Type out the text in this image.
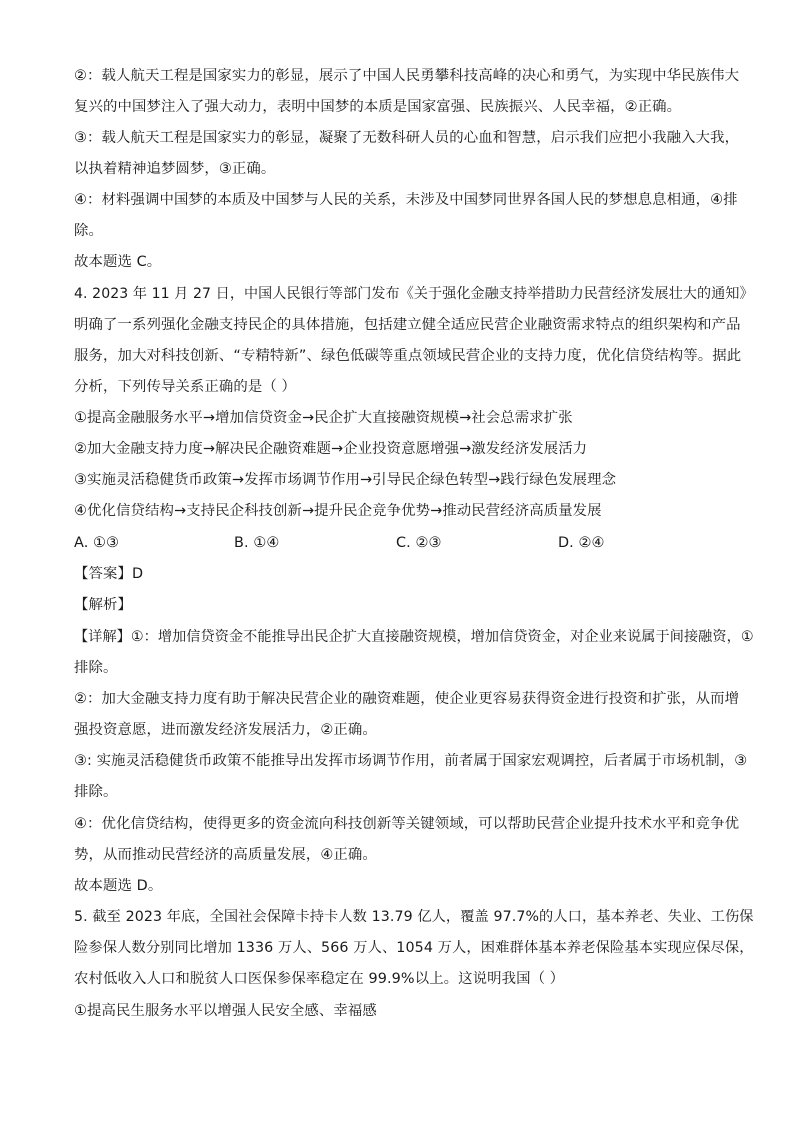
②：载人航天工程是国家实力的彰显，展示了中国人民勇攀科技高峰的决心和勇气，为实现中华民族伟大
复兴的中国梦注入了强大动力，表明中国梦的本质是国家富强、民族振兴、人民幸福，②正确。
③：载人航天工程是国家实力的彰显，凝聚了无数科研人员的心血和智慧，启示我们应把小我融入大我，
以执着精神追梦圆梦，③正确。
④：材料强调中国梦的本质及中国梦与人民的关系，未涉及中国梦同世界各国人民的梦想息息相通，④排
除。
故本题选 C。
4. 2023 年 11 月 27 日，中国人民银行等部门发布《关于强化金融支持举措助力民营经济发展壮大的通知》
明确了一系列强化金融支持民企的具体措施，包括建立健全适应民营企业融资需求特点的组织架构和产品
服务，加大对科技创新、“专精特新”、绿色低碳等重点领域民营企业的支持力度，优化信贷结构等。据此
分析，下列传导关系正确的是（ ）
①提高金融服务水平→增加信贷资金→民企扩大直接融资规模→社会总需求扩张
②加大金融支持力度→解决民企融资难题→企业投资意愿增强→激发经济发展活力
③实施灵活稳健货币政策→发挥市场调节作用→引导民企绿色转型→践行绿色发展理念
④优化信贷结构→支持民企科技创新→提升民企竞争优势→推动民营经济高质量发展
A. ①③	B. ①④	C. ②③	D. ②④
【答案】D
【解析】
【详解】①：增加信贷资金不能推导出民企扩大直接融资规模，增加信贷资金，对企业来说属于间接融资，①
排除。
②：加大金融支持力度有助于解决民营企业的融资难题，使企业更容易获得资金进行投资和扩张，从而增
强投资意愿，进而激发经济发展活力，②正确。
③: 实施灵活稳健货币政策不能推导出发挥市场调节作用，前者属于国家宏观调控，后者属于市场机制，③
排除。
④：优化信贷结构，使得更多的资金流向科技创新等关键领域，可以帮助民营企业提升技术水平和竞争优
势，从而推动民营经济的高质量发展，④正确。
故本题选 D。
5. 截至 2023 年底，全国社会保障卡持卡人数 13.79 亿人，覆盖 97.7%的人口，基本养老、失业、工伤保
险参保人数分别同比增加 1336 万人、566 万人、1054 万人，困难群体基本养老保险基本实现应保尽保，
农村低收入人口和脱贫人口医保参保率稳定在 99.9%以上。这说明我国（ ）
①提高民生服务水平以增强人民安全感、幸福感
